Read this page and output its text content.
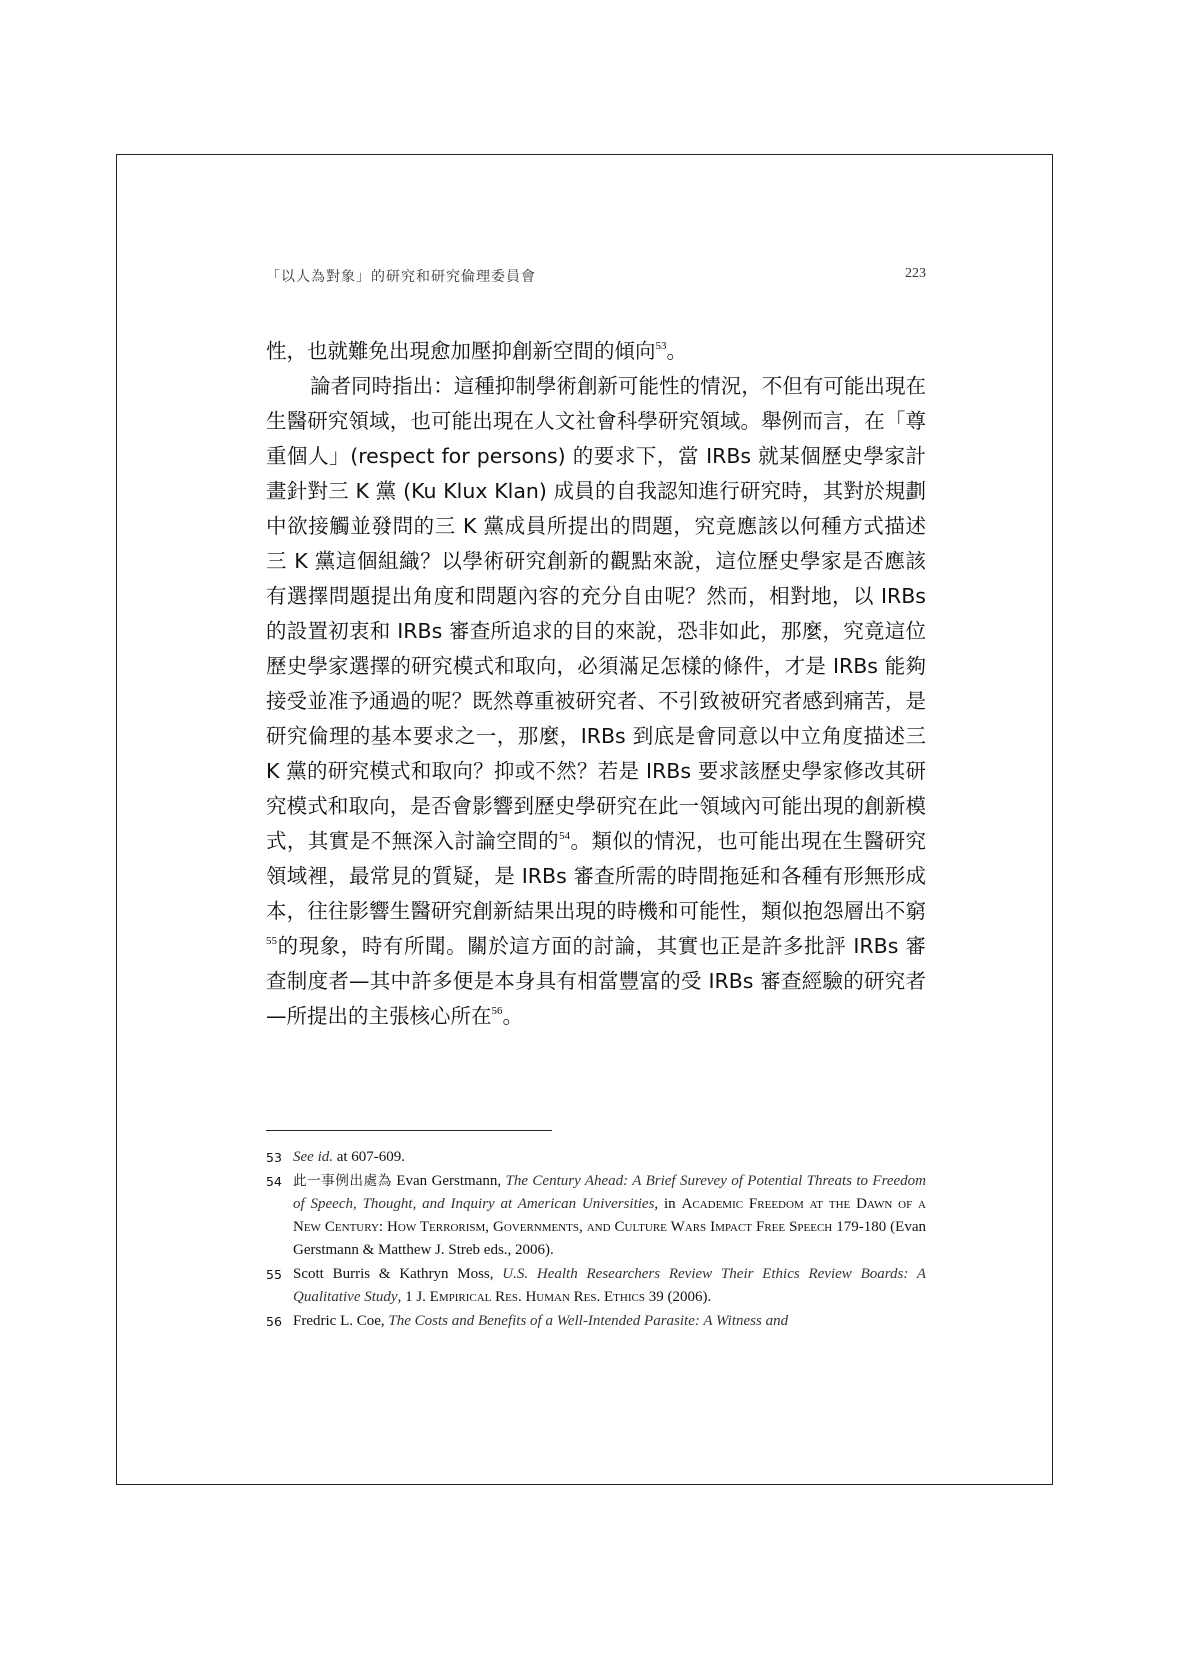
「以人為對象」的研究和研究倫理委員會	223

性，也就難免出現愈加壓抑創新空間的傾向$^{53}$。

論者同時指出：這種抑制學術創新可能性的情況，不但有可能出現在生醫研究領域，也可能出現在人文社會科學研究領域。舉例而言，在「尊重個人」(respect for persons) 的要求下，當 IRBs 就某個歷史學家計畫針對三 K 黨 (Ku Klux Klan) 成員的自我認知進行研究時，其對於規劃中欲接觸並發問的三 K 黨成員所提出的問題，究竟應該以何種方式描述三 K 黨這個組織？以學術研究創新的觀點來說，這位歷史學家是否應該有選擇問題提出角度和問題內容的充分自由呢？然而，相對地，以 IRBs 的設置初衷和 IRBs 審查所追求的目的來說，恐非如此，那麼，究竟這位歷史學家選擇的研究模式和取向，必須滿足怎樣的條件，才是 IRBs 能夠接受並准予通過的呢？既然尊重被研究者、不引致被研究者感到痛苦，是研究倫理的基本要求之一，那麼，IRBs 到底是會同意以中立角度描述三 K 黨的研究模式和取向？抑或不然？若是 IRBs 要求該歷史學家修改其研究模式和取向，是否會影響到歷史學研究在此一領域內可能出現的創新模式，其實是不無深入討論空間的$^{54}$。類似的情況，也可能出現在生醫研究領域裡，最常見的質疑，是 IRBs 審查所需的時間拖延和各種有形無形成本，往往影響生醫研究創新結果出現的時機和可能性，類似抱怨層出不窮$^{55}$的現象，時有所聞。關於這方面的討論，其實也正是許多批評 IRBs 審查制度者—其中許多便是本身具有相當豐富的受 IRBs 審查經驗的研究者—所提出的主張核心所在$^{56}$。

53 See id. at 607-609.
54 此一事例出處為 Evan Gerstmann, The Century Ahead: A Brief Surevey of Potential Threats to Freedom of Speech, Thought, and Inquiry at American Universities, in Academic Freedom at the Dawn of a New Century: How Terrorism, Governments, and Culture Wars Impact Free Speech 179-180 (Evan Gerstmann & Matthew J. Streb eds., 2006).
55 Scott Burris & Kathryn Moss, U.S. Health Researchers Review Their Ethics Review Boards: A Qualitative Study, 1 J. Empirical Res. Human Res. Ethics 39 (2006).
56 Fredric L. Coe, The Costs and Benefits of a Well-Intended Parasite: A Witness and
